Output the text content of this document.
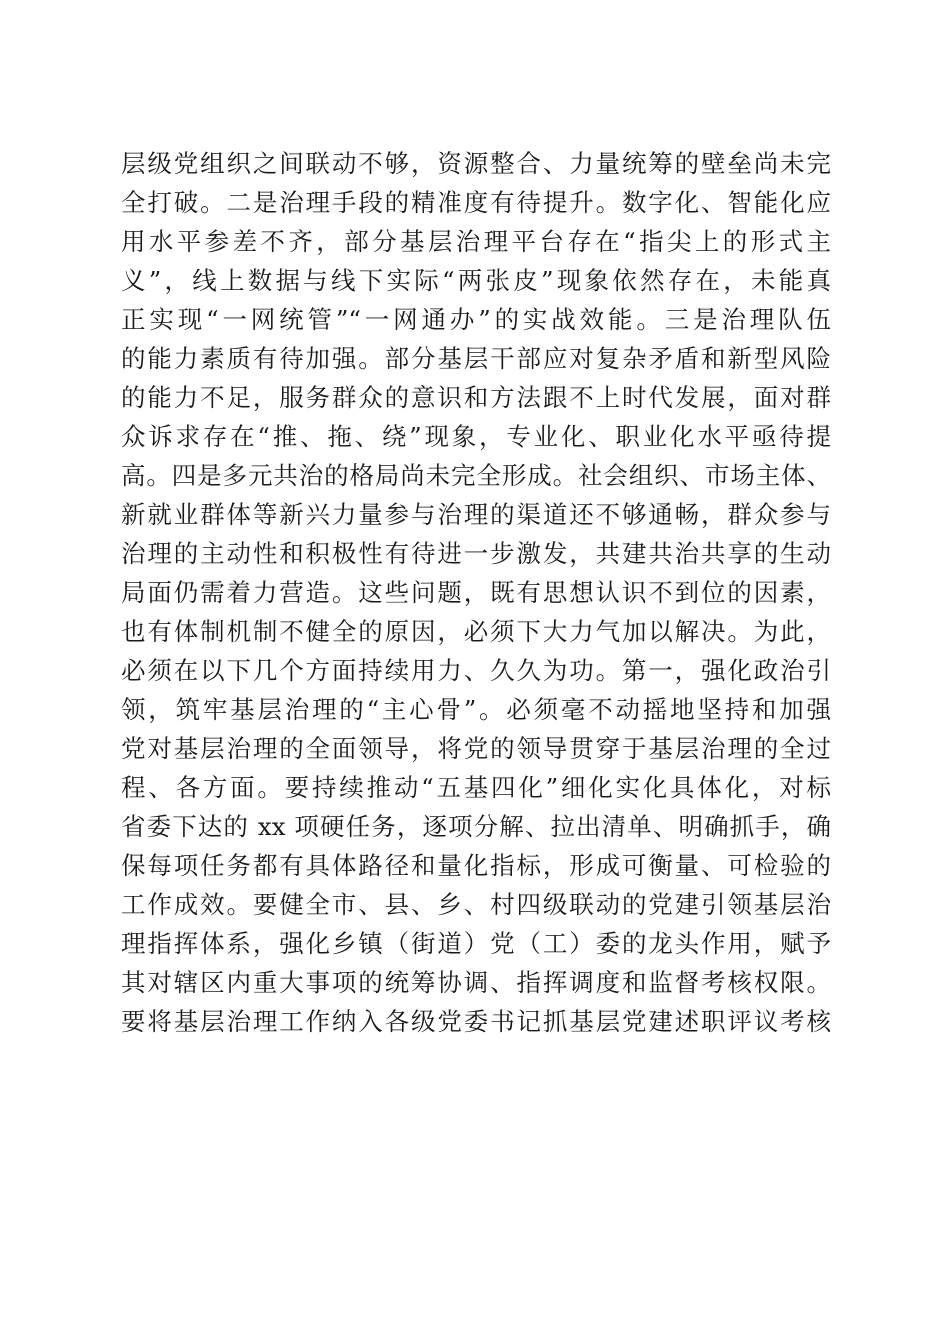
层级党组织之间联动不够，资源整合、力量统筹的壁垒尚未完
全打破。二是治理手段的精准度有待提升。数字化、智能化应
用水平参差不齐，部分基层治理平台存在“指尖上的形式主
义”，线上数据与线下实际“两张皮”现象依然存在，未能真
正实现“一网统管”“一网通办”的实战效能。三是治理队伍
的能力素质有待加强。部分基层干部应对复杂矛盾和新型风险
的能力不足，服务群众的意识和方法跟不上时代发展，面对群
众诉求存在“推、拖、绕”现象，专业化、职业化水平亟待提
高。四是多元共治的格局尚未完全形成。社会组织、市场主体、
新就业群体等新兴力量参与治理的渠道还不够通畅，群众参与
治理的主动性和积极性有待进一步激发，共建共治共享的生动
局面仍需着力营造。这些问题，既有思想认识不到位的因素，
也有体制机制不健全的原因，必须下大力气加以解决。为此，
必须在以下几个方面持续用力、久久为功。第一，强化政治引
领，筑牢基层治理的“主心骨”。必须毫不动摇地坚持和加强
党对基层治理的全面领导，将党的领导贯穿于基层治理的全过
程、各方面。要持续推动“五基四化”细化实化具体化，对标
省委下达的 xx 项硬任务，逐项分解、拉出清单、明确抓手，确
保每项任务都有具体路径和量化指标，形成可衡量、可检验的
工作成效。要健全市、县、乡、村四级联动的党建引领基层治
理指挥体系，强化乡镇（街道）党（工）委的龙头作用，赋予
其对辖区内重大事项的统筹协调、指挥调度和监督考核权限。
要将基层治理工作纳入各级党委书记抓基层党建述职评议考核
